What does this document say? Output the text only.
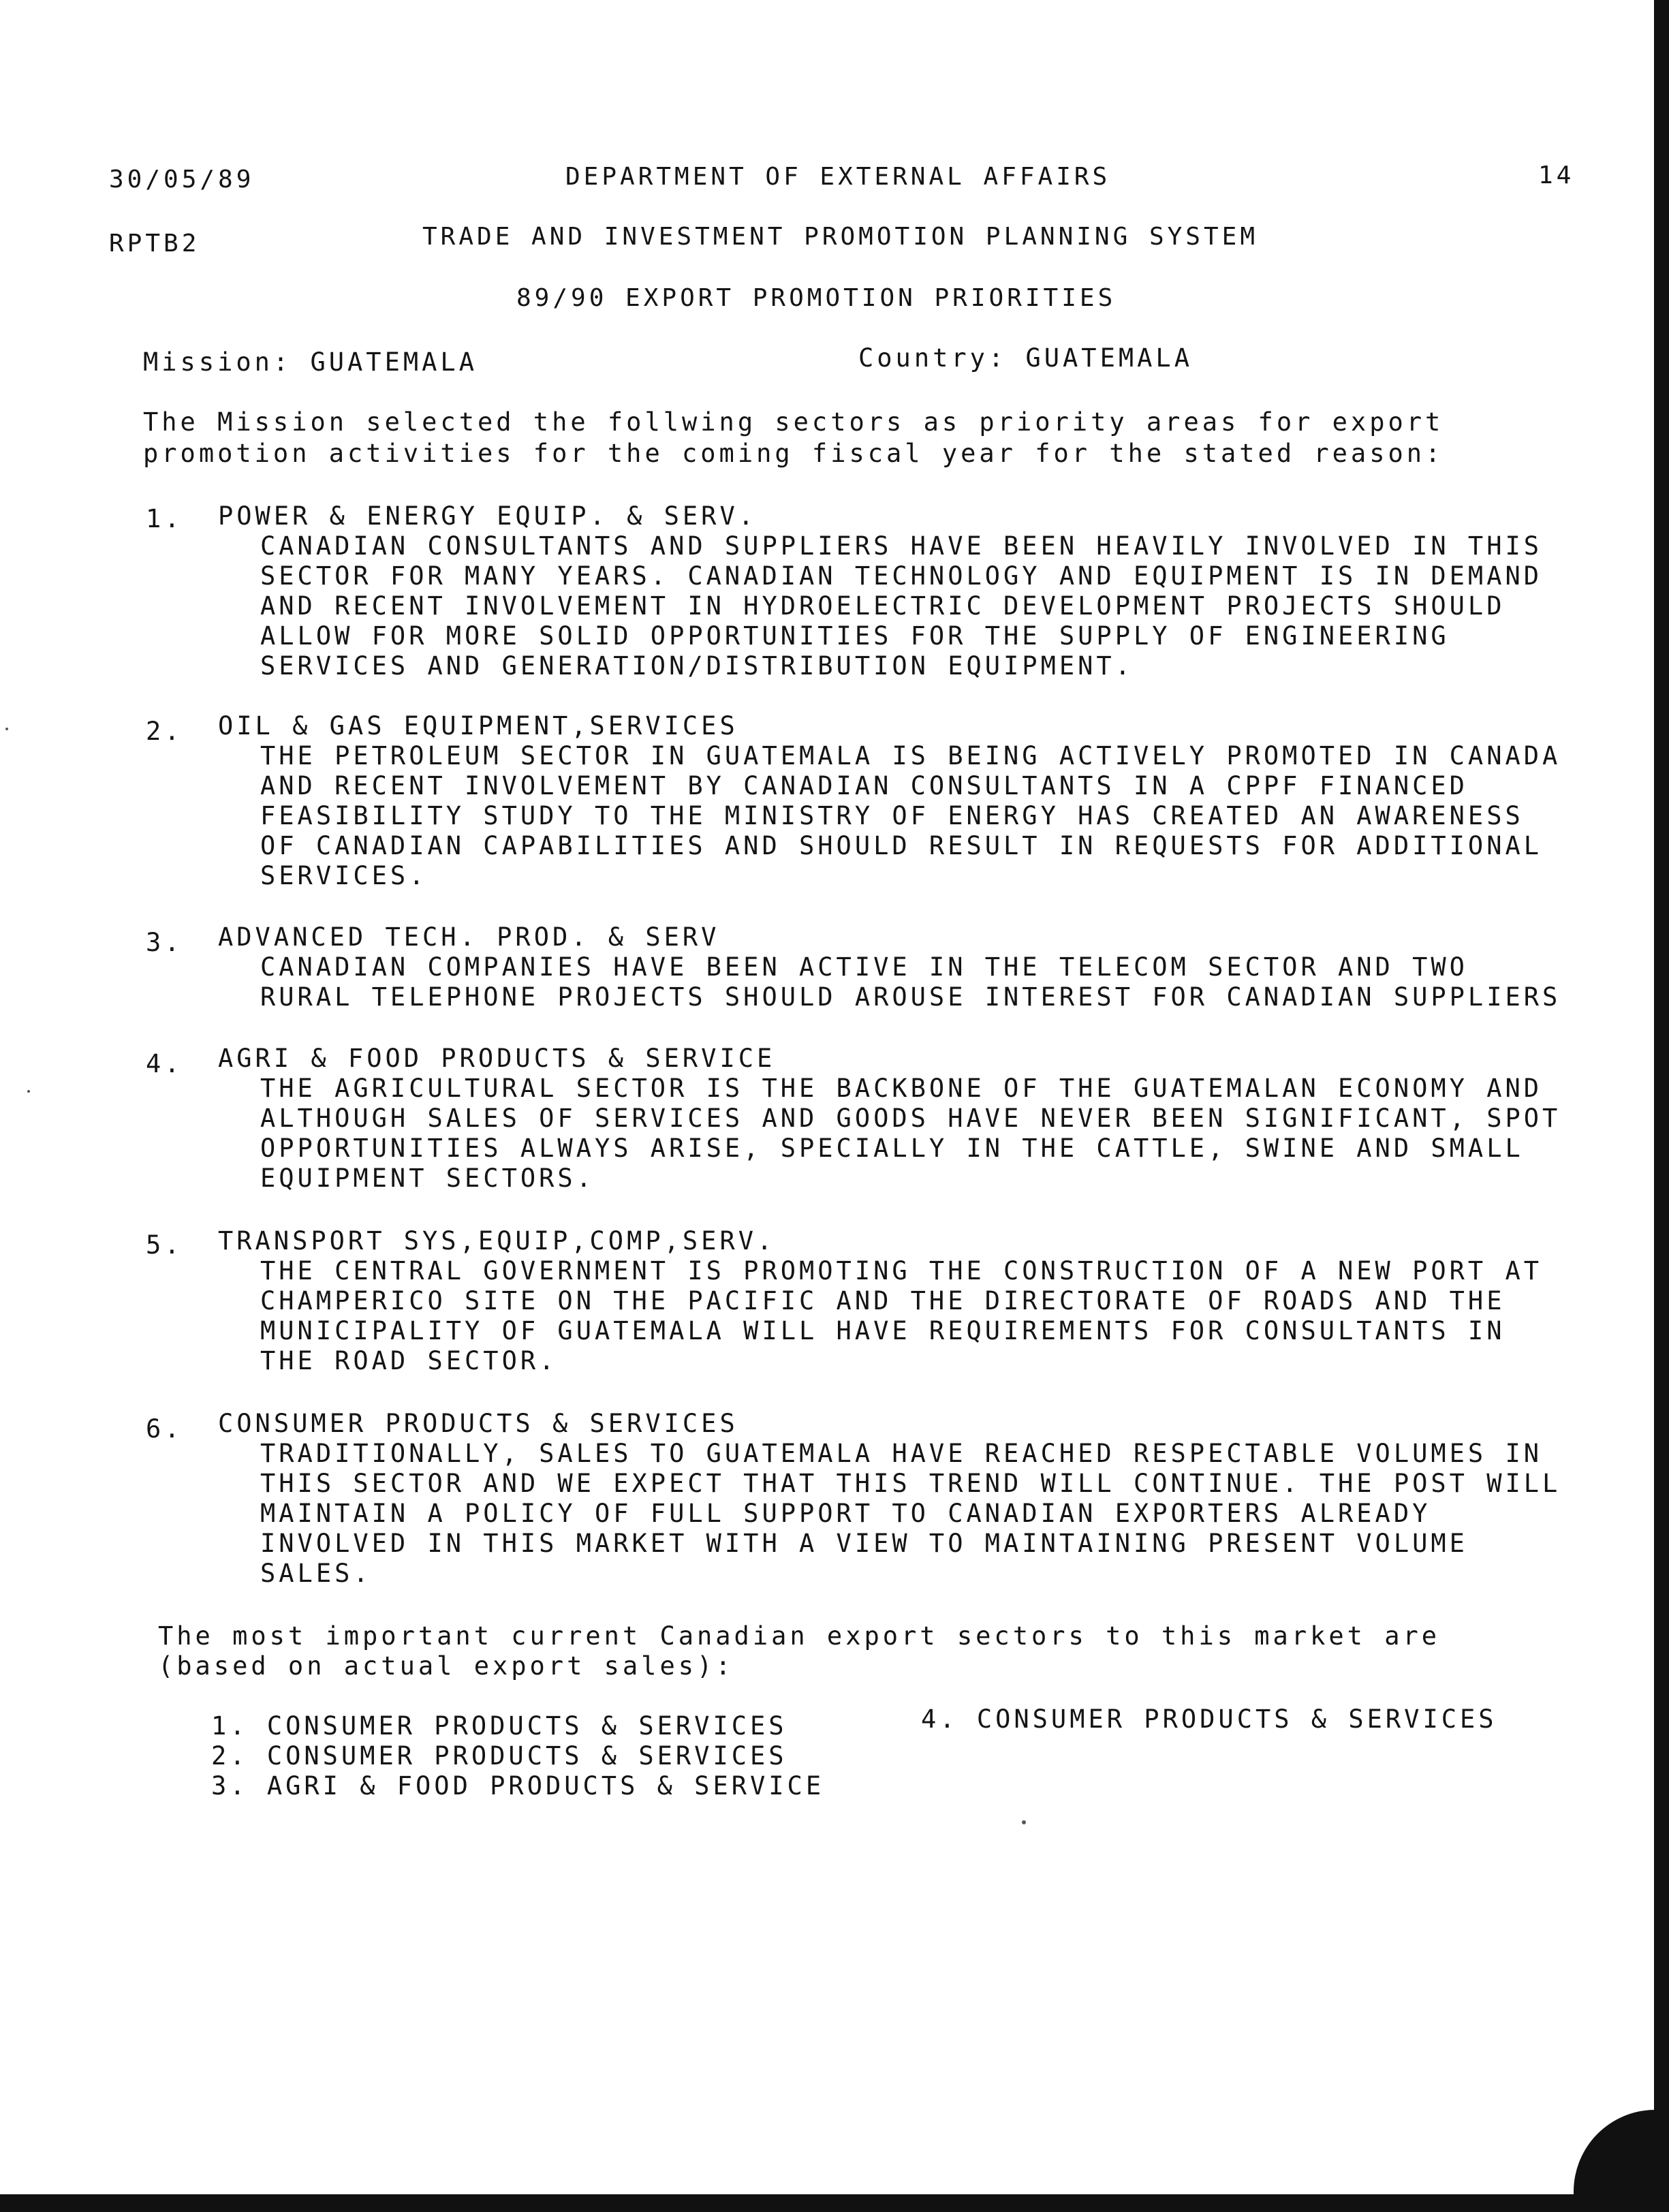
30/05/89	DEPARTMENT OF EXTERNAL AFFAIRS	14
RPTB2	TRADE AND INVESTMENT PROMOTION PLANNING SYSTEM
89/90 EXPORT PROMOTION PRIORITIES
Mission: GUATEMALA	Country: GUATEMALA
The Mission selected the follwing sectors as priority areas for export
promotion activities for the coming fiscal year for the stated reason:
1. POWER & ENERGY EQUIP. & SERV.
CANADIAN CONSULTANTS AND SUPPLIERS HAVE BEEN HEAVILY INVOLVED IN THIS
SECTOR FOR MANY YEARS. CANADIAN TECHNOLOGY AND EQUIPMENT IS IN DEMAND
AND RECENT INVOLVEMENT IN HYDROELECTRIC DEVELOPMENT PROJECTS SHOULD
ALLOW FOR MORE SOLID OPPORTUNITIES FOR THE SUPPLY OF ENGINEERING
SERVICES AND GENERATION/DISTRIBUTION EQUIPMENT.
2. OIL & GAS EQUIPMENT,SERVICES
THE PETROLEUM SECTOR IN GUATEMALA IS BEING ACTIVELY PROMOTED IN CANADA
AND RECENT INVOLVEMENT BY CANADIAN CONSULTANTS IN A CPPF FINANCED
FEASIBILITY STUDY TO THE MINISTRY OF ENERGY HAS CREATED AN AWARENESS
OF CANADIAN CAPABILITIES AND SHOULD RESULT IN REQUESTS FOR ADDITIONAL
SERVICES.
3. ADVANCED TECH. PROD. & SERV
CANADIAN COMPANIES HAVE BEEN ACTIVE IN THE TELECOM SECTOR AND TWO
RURAL TELEPHONE PROJECTS SHOULD AROUSE INTEREST FOR CANADIAN SUPPLIERS
4. AGRI & FOOD PRODUCTS & SERVICE
THE AGRICULTURAL SECTOR IS THE BACKBONE OF THE GUATEMALAN ECONOMY AND
ALTHOUGH SALES OF SERVICES AND GOODS HAVE NEVER BEEN SIGNIFICANT, SPOT
OPPORTUNITIES ALWAYS ARISE, SPECIALLY IN THE CATTLE, SWINE AND SMALL
EQUIPMENT SECTORS.
5. TRANSPORT SYS,EQUIP,COMP,SERV.
THE CENTRAL GOVERNMENT IS PROMOTING THE CONSTRUCTION OF A NEW PORT AT
CHAMPERICO SITE ON THE PACIFIC AND THE DIRECTORATE OF ROADS AND THE
MUNICIPALITY OF GUATEMALA WILL HAVE REQUIREMENTS FOR CONSULTANTS IN
THE ROAD SECTOR.
6. CONSUMER PRODUCTS & SERVICES
TRADITIONALLY, SALES TO GUATEMALA HAVE REACHED RESPECTABLE VOLUMES IN
THIS SECTOR AND WE EXPECT THAT THIS TREND WILL CONTINUE. THE POST WILL
MAINTAIN A POLICY OF FULL SUPPORT TO CANADIAN EXPORTERS ALREADY
INVOLVED IN THIS MARKET WITH A VIEW TO MAINTAINING PRESENT VOLUME
SALES.
The most important current Canadian export sectors to this market are
(based on actual export sales):
1. CONSUMER PRODUCTS & SERVICES
2. CONSUMER PRODUCTS & SERVICES
3. AGRI & FOOD PRODUCTS & SERVICE
4. CONSUMER PRODUCTS & SERVICES
